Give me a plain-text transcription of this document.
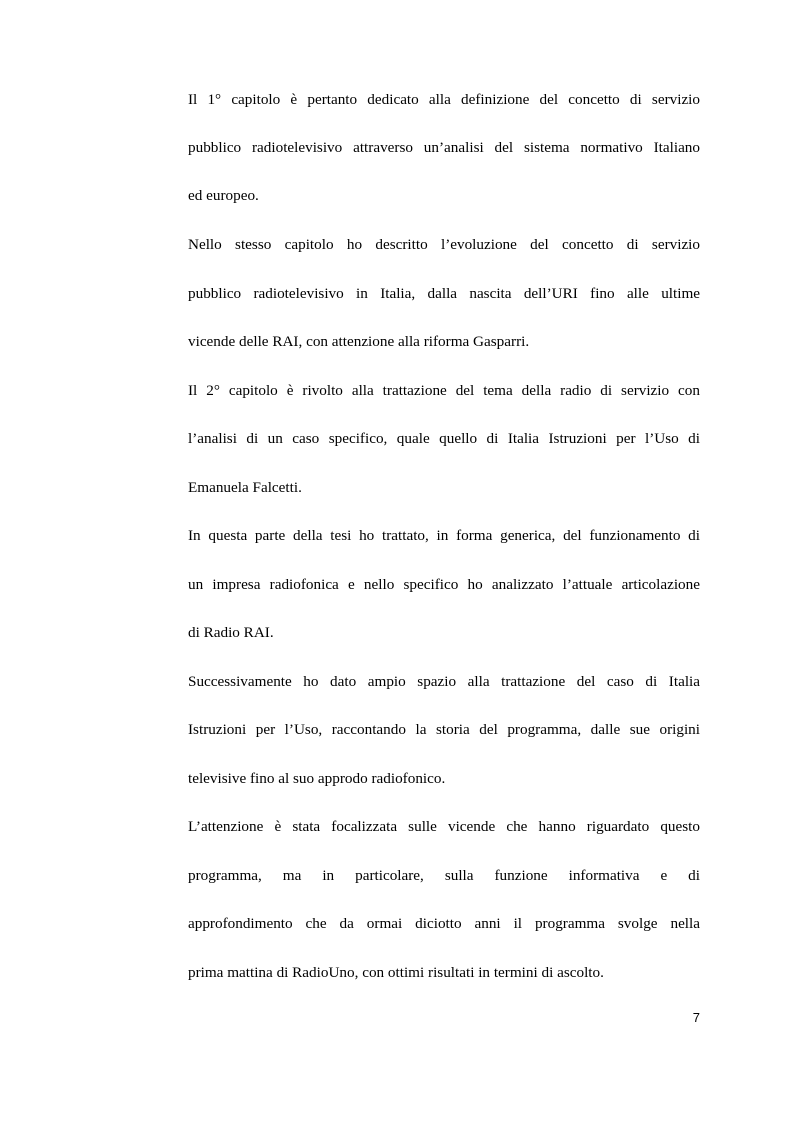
Il 1° capitolo è pertanto dedicato alla definizione del concetto di servizio
pubblico radiotelevisivo attraverso un’analisi del sistema normativo Italiano
ed europeo.
Nello stesso capitolo ho descritto l’evoluzione del concetto di servizio
pubblico radiotelevisivo in Italia, dalla nascita dell’URI fino alle ultime
vicende delle RAI, con attenzione alla riforma Gasparri.
Il 2° capitolo è rivolto alla trattazione del tema della radio di servizio con
l’analisi di un caso specifico, quale quello di Italia Istruzioni per l’Uso di
Emanuela Falcetti.
In questa parte della tesi ho trattato, in forma generica, del funzionamento di
un impresa radiofonica e nello specifico ho analizzato l’attuale articolazione
di Radio RAI.
Successivamente ho dato ampio spazio alla trattazione del caso di Italia
Istruzioni per l’Uso, raccontando la storia del programma, dalle sue origini
televisive fino al suo approdo radiofonico.
L’attenzione è stata focalizzata sulle vicende che hanno riguardato questo
programma, ma in particolare, sulla funzione informativa e di
approfondimento che da ormai diciotto anni il programma svolge nella
prima mattina di RadioUno, con ottimi risultati in termini di ascolto.
7
